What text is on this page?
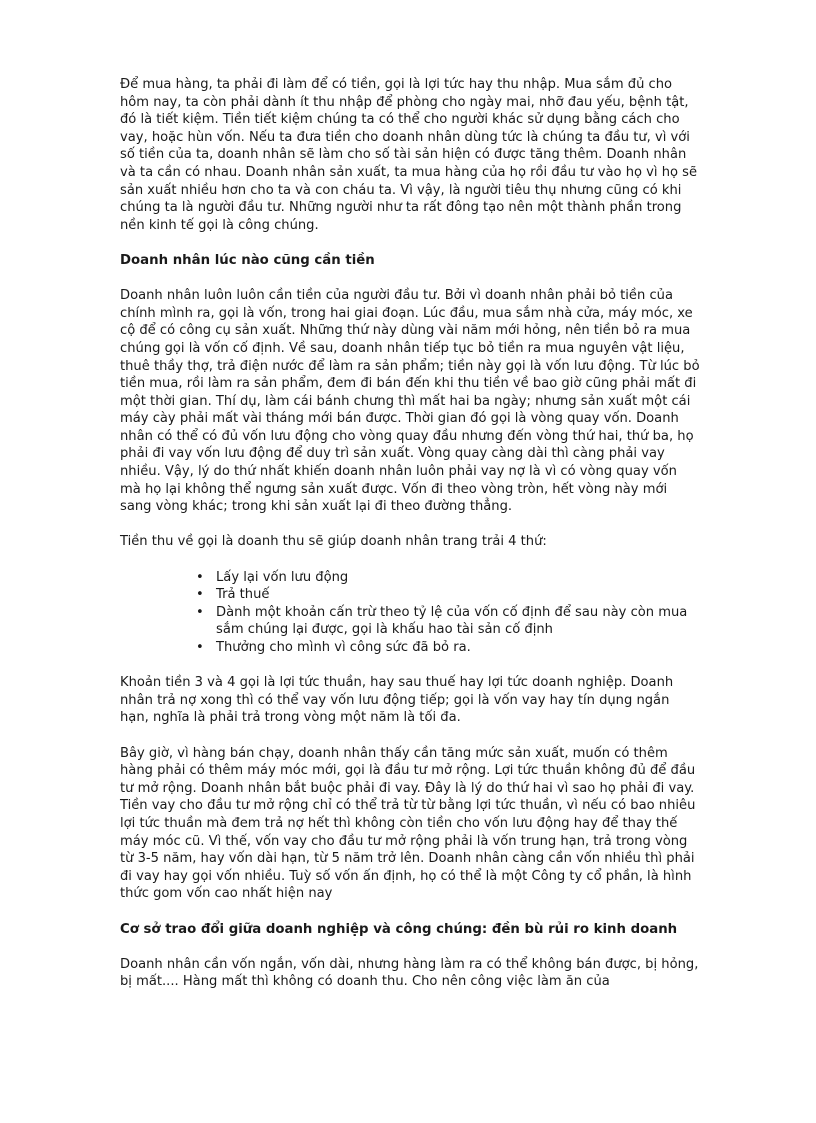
Để mua hàng, ta phải đi làm để có tiền, gọi là lợi tức hay thu nhập. Mua sắm đủ cho hôm nay, ta còn phải dành ít thu nhập để phòng cho ngày mai, nhỡ đau yếu, bệnh tật, đó là tiết kiệm. Tiền tiết kiệm chúng ta có thể cho người khác sử dụng bằng cách cho vay, hoặc hùn vốn. Nếu ta đưa tiền cho doanh nhân dùng tức là chúng ta đầu tư, vì với số tiền của ta, doanh nhân sẽ làm cho số tài sản hiện có được tăng thêm. Doanh nhân và ta cần có nhau. Doanh nhân sản xuất, ta mua hàng của họ rồi đầu tư vào họ vì họ sẽ sản xuất nhiều hơn cho ta và con cháu ta. Vì vậy, là người tiêu thụ nhưng cũng có khi chúng ta là người đầu tư. Những người như ta rất đông tạo nên một thành phần trong nền kinh tế gọi là công chúng.

Doanh nhân lúc nào cũng cần tiền

Doanh nhân luôn luôn cần tiền của người đầu tư. Bởi vì doanh nhân phải bỏ tiền của chính mình ra, gọi là vốn, trong hai giai đoạn. Lúc đầu, mua sắm nhà cửa, máy móc, xe cộ để có công cụ sản xuất. Những thứ này dùng vài năm mới hỏng, nên tiền bỏ ra mua chúng gọi là vốn cố định. Về sau, doanh nhân tiếp tục bỏ tiền ra mua nguyên vật liệu, thuê thầy thợ, trả điện nước để làm ra sản phẩm; tiền này gọi là vốn lưu động. Từ lúc bỏ tiền mua, rồi làm ra sản phẩm, đem đi bán đến khi thu tiền về bao giờ cũng phải mất đi một thời gian. Thí dụ, làm cái bánh chưng thì mất hai ba ngày; nhưng sản xuất một cái máy cày phải mất vài tháng mới bán được. Thời gian đó gọi là vòng quay vốn. Doanh nhân có thể có đủ vốn lưu động cho vòng quay đầu nhưng đến vòng thứ hai, thứ ba, họ phải đi vay vốn lưu động để duy trì sản xuất. Vòng quay càng dài thì càng phải vay nhiều. Vậy, lý do thứ nhất khiến doanh nhân luôn phải vay nợ là vì có vòng quay vốn mà họ lại không thể ngưng sản xuất được. Vốn đi theo vòng tròn, hết vòng này mới sang vòng khác; trong khi sản xuất lại đi theo đường thẳng.

Tiền thu về gọi là doanh thu sẽ giúp doanh nhân trang trải 4 thứ:

• Lấy lại vốn lưu động
• Trả thuế
• Dành một khoản cấn trừ theo tỷ lệ của vốn cố định để sau này còn mua sắm chúng lại được, gọi là khấu hao tài sản cố định
• Thưởng cho mình vì công sức đã bỏ ra.

Khoản tiền 3 và 4 gọi là lợi tức thuần, hay sau thuế hay lợi tức doanh nghiệp. Doanh nhân trả nợ xong thì có thể vay vốn lưu động tiếp; gọi là vốn vay hay tín dụng ngắn hạn, nghĩa là phải trả trong vòng một năm là tối đa.

Bây giờ, vì hàng bán chạy, doanh nhân thấy cần tăng mức sản xuất, muốn có thêm hàng phải có thêm máy móc mới, gọi là đầu tư mở rộng. Lợi tức thuần không đủ để đầu tư mở rộng. Doanh nhân bắt buộc phải đi vay. Đây là lý do thứ hai vì sao họ phải đi vay. Tiền vay cho đầu tư mở rộng chỉ có thể trả từ từ bằng lợi tức thuần, vì nếu có bao nhiêu lợi tức thuần mà đem trả nợ hết thì không còn tiền cho vốn lưu động hay để thay thế máy móc cũ. Vì thế, vốn vay cho đầu tư mở rộng phải là vốn trung hạn, trả trong vòng từ 3-5 năm, hay vốn dài hạn, từ 5 năm trở lên. Doanh nhân càng cần vốn nhiều thì phải đi vay hay gọi vốn nhiều. Tuỳ số vốn ấn định, họ có thể là một Công ty cổ phần, là hình thức gom vốn cao nhất hiện nay

Cơ sở trao đổi giữa doanh nghiệp và công chúng: đền bù rủi ro kinh doanh

Doanh nhân cần vốn ngắn, vốn dài, nhưng hàng làm ra có thể không bán được, bị hỏng, bị mất.... Hàng mất thì không có doanh thu. Cho nên công việc làm ăn của
